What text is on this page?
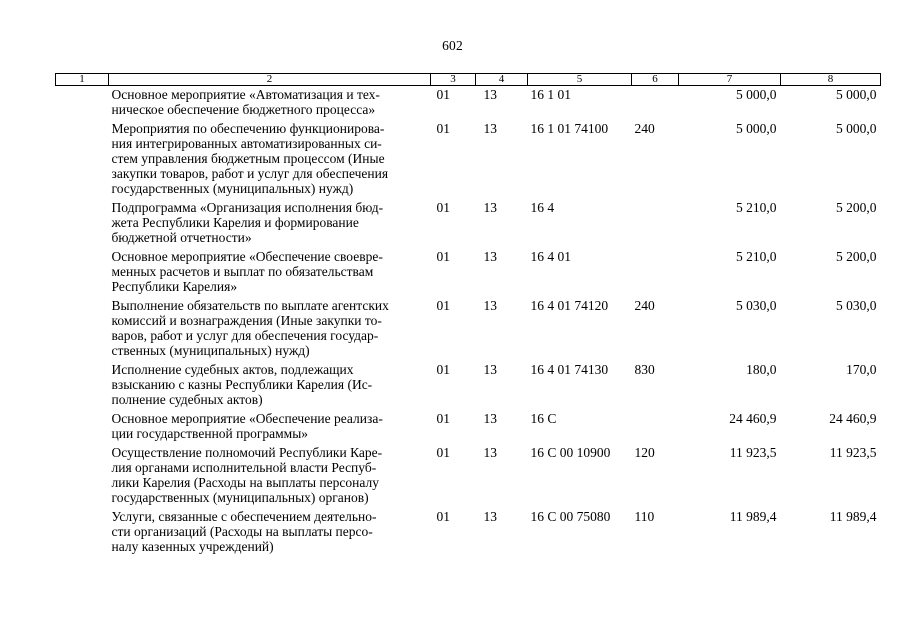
602
1	2	3	4	5	6	7	8

	Основное мероприятие «Автоматизация и тех-
ническое обеспечение бюджетного процесса»	01	13	16 1 01		5 000,0	5 000,0

	Мероприятия по обеспечению функционирова-
ния интегрированных автоматизированных си-
стем управления бюджетным процессом (Иные
закупки товаров, работ и услуг для обеспечения
государственных (муниципальных) нужд)	01	13	16 1 01 74100	240	5 000,0	5 000,0

	Подпрограмма «Организация исполнения бюд-
жета Республики Карелия и формирование
бюджетной отчетности»	01	13	16 4		5 210,0	5 200,0

	Основное мероприятие «Обеспечение своевре-
менных расчетов и выплат по обязательствам
Республики Карелия»	01	13	16 4 01		5 210,0	5 200,0

	Выполнение обязательств по выплате агентских
комиссий и вознаграждения (Иные закупки то-
варов, работ и услуг для обеспечения государ-
ственных (муниципальных) нужд)	01	13	16 4 01 74120	240	5 030,0	5 030,0

	Исполнение судебных актов, подлежащих
взысканию с казны Республики Карелия (Ис-
полнение судебных актов)	01	13	16 4 01 74130	830	180,0	170,0

	Основное мероприятие «Обеспечение реализа-
ции государственной программы»	01	13	16 С		24 460,9	24 460,9

	Осуществление полномочий Республики Каре-
лия органами исполнительной власти Респуб-
лики Карелия (Расходы на выплаты персоналу
государственных (муниципальных) органов)	01	13	16 С 00 10900	120	11 923,5	11 923,5

	Услуги, связанные с обеспечением деятельно-
сти организаций (Расходы на выплаты персо-
налу казенных учреждений)	01	13	16 С 00 75080	110	11 989,4	11 989,4
